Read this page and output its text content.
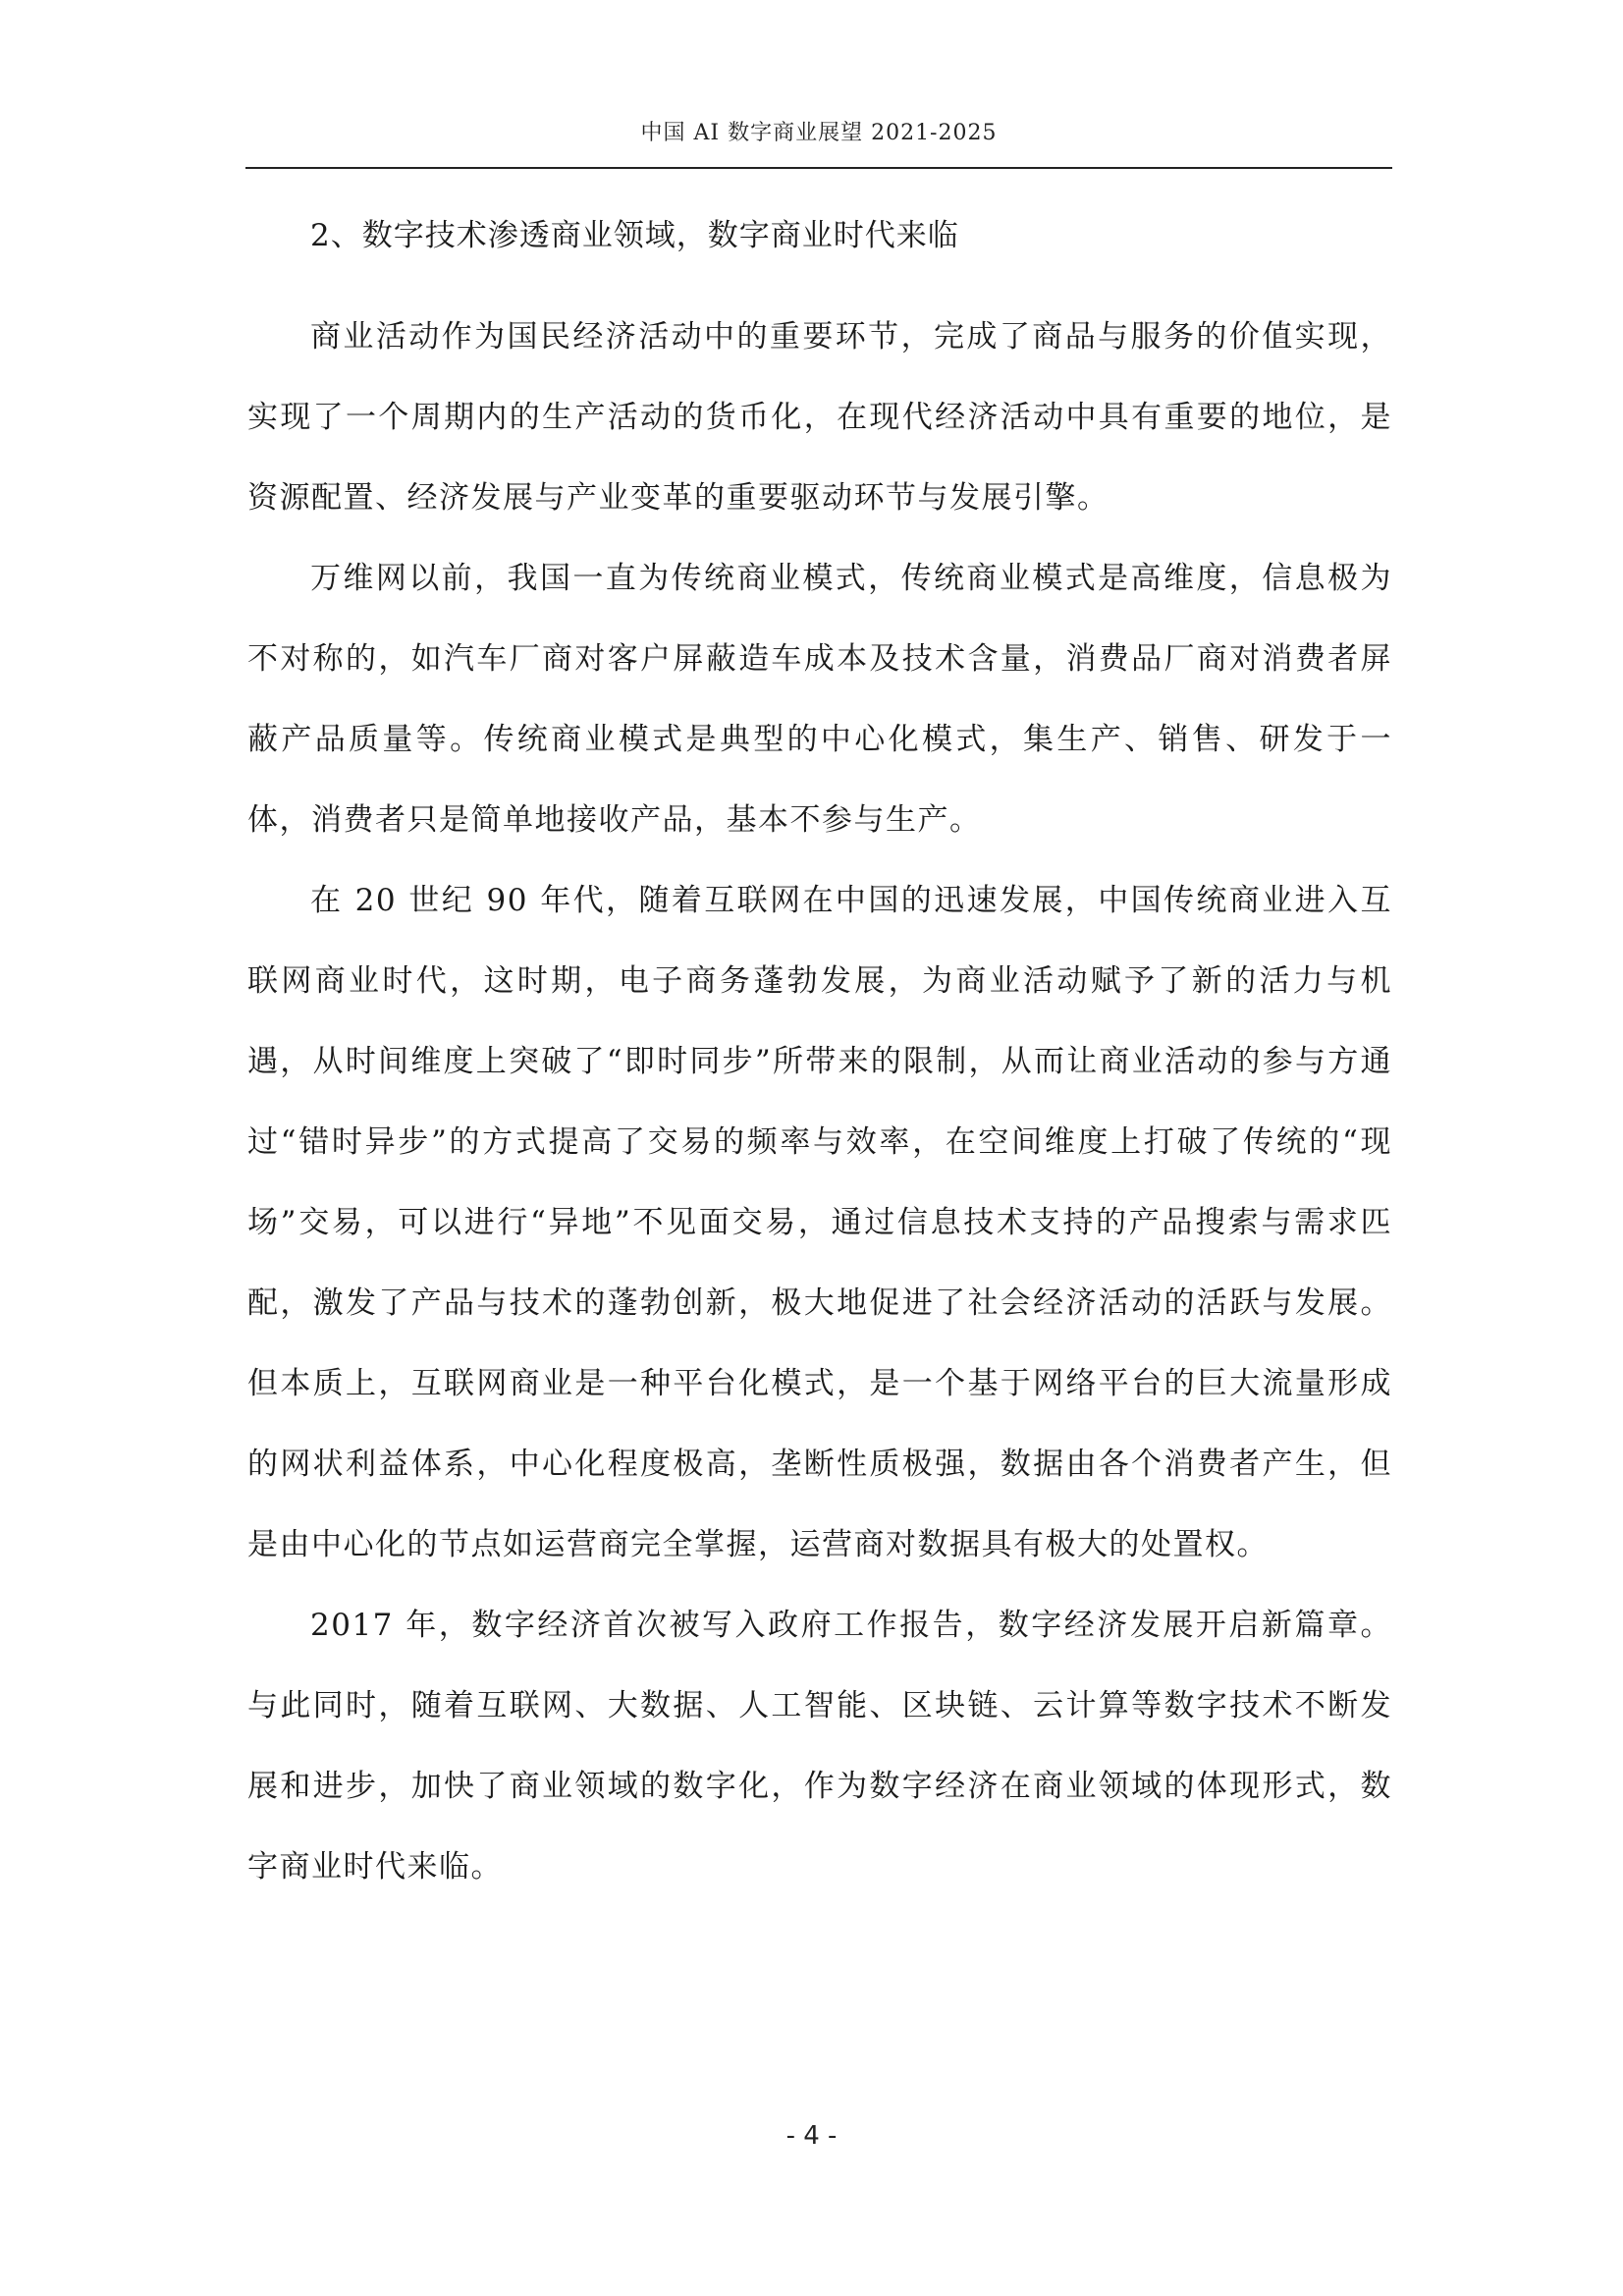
中国 AI 数字商业展望 2021-2025
2、数字技术渗透商业领域，数字商业时代来临

商业活动作为国民经济活动中的重要环节，完成了商品与服务的价值实现，实现了一个周期内的生产活动的货币化，在现代经济活动中具有重要的地位，是资源配置、经济发展与产业变革的重要驱动环节与发展引擎。

万维网以前，我国一直为传统商业模式，传统商业模式是高维度，信息极为不对称的，如汽车厂商对客户屏蔽造车成本及技术含量，消费品厂商对消费者屏蔽产品质量等。传统商业模式是典型的中心化模式，集生产、销售、研发于一体，消费者只是简单地接收产品，基本不参与生产。

在 20 世纪 90 年代，随着互联网在中国的迅速发展，中国传统商业进入互联网商业时代，这时期，电子商务蓬勃发展，为商业活动赋予了新的活力与机遇，从时间维度上突破了“即时同步”所带来的限制，从而让商业活动的参与方通过“错时异步”的方式提高了交易的频率与效率，在空间维度上打破了传统的“现场”交易，可以进行“异地”不见面交易，通过信息技术支持的产品搜索与需求匹配，激发了产品与技术的蓬勃创新，极大地促进了社会经济活动的活跃与发展。但本质上，互联网商业是一种平台化模式，是一个基于网络平台的巨大流量形成的网状利益体系，中心化程度极高，垄断性质极强，数据由各个消费者产生，但是由中心化的节点如运营商完全掌握，运营商对数据具有极大的处置权。

2017 年，数字经济首次被写入政府工作报告，数字经济发展开启新篇章。与此同时，随着互联网、大数据、人工智能、区块链、云计算等数字技术不断发展和进步，加快了商业领域的数字化，作为数字经济在商业领域的体现形式，数字商业时代来临。

- 4 -
